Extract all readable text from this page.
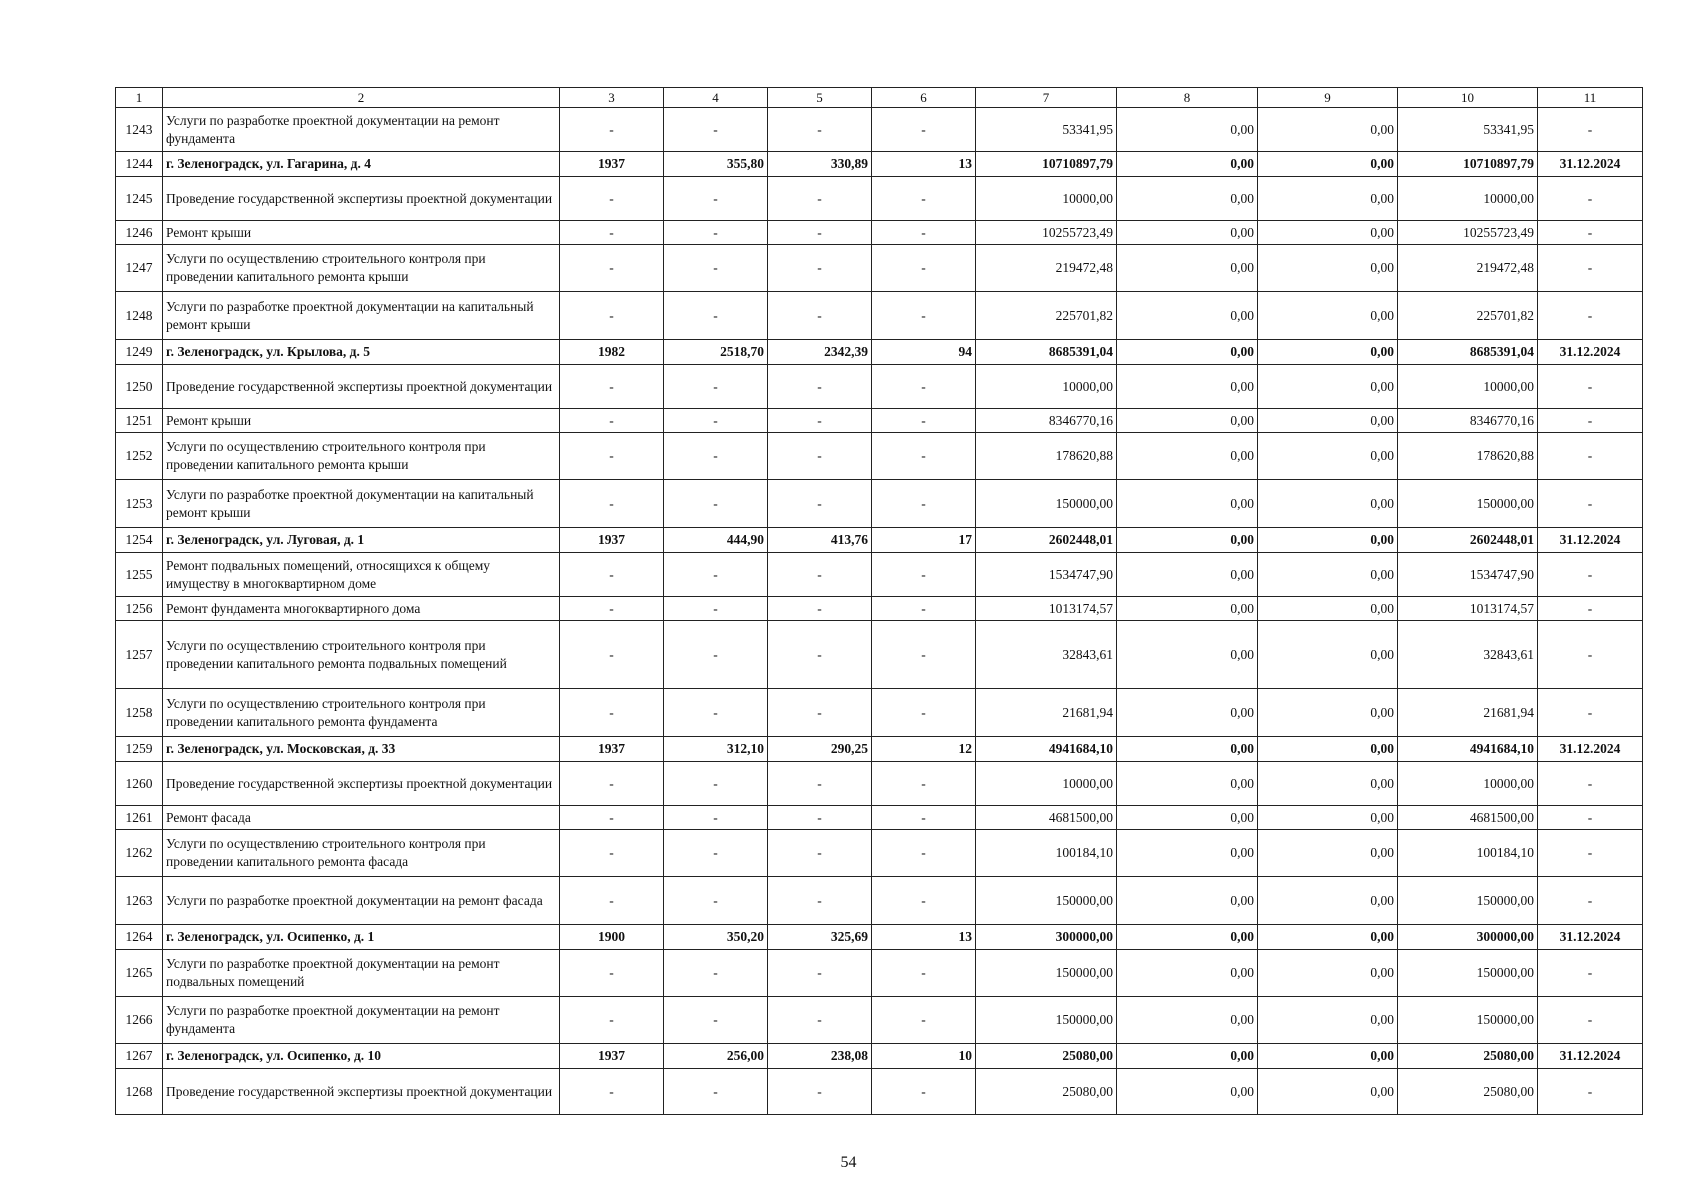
1	2	3	4	5	6	7	8	9	10	11
1243	Услуги по разработке проектной документации на ремонт фундамента	-	-	-	-	53341,95	0,00	0,00	53341,95	-
1244	г. Зеленоградск, ул. Гагарина, д. 4	1937	355,80	330,89	13	10710897,79	0,00	0,00	10710897,79	31.12.2024
1245	Проведение государственной экспертизы проектной документации	-	-	-	-	10000,00	0,00	0,00	10000,00	-
1246	Ремонт крыши	-	-	-	-	10255723,49	0,00	0,00	10255723,49	-
1247	Услуги по осуществлению строительного контроля при проведении капитального ремонта крыши	-	-	-	-	219472,48	0,00	0,00	219472,48	-
1248	Услуги по разработке проектной документации на капитальный ремонт крыши	-	-	-	-	225701,82	0,00	0,00	225701,82	-
1249	г. Зеленоградск, ул. Крылова, д. 5	1982	2518,70	2342,39	94	8685391,04	0,00	0,00	8685391,04	31.12.2024
1250	Проведение государственной экспертизы проектной документации	-	-	-	-	10000,00	0,00	0,00	10000,00	-
1251	Ремонт крыши	-	-	-	-	8346770,16	0,00	0,00	8346770,16	-
1252	Услуги по осуществлению строительного контроля при проведении капитального ремонта крыши	-	-	-	-	178620,88	0,00	0,00	178620,88	-
1253	Услуги по разработке проектной документации на капитальный ремонт крыши	-	-	-	-	150000,00	0,00	0,00	150000,00	-
1254	г. Зеленоградск, ул. Луговая, д. 1	1937	444,90	413,76	17	2602448,01	0,00	0,00	2602448,01	31.12.2024
1255	Ремонт подвальных помещений, относящихся к общему имуществу в многоквартирном доме	-	-	-	-	1534747,90	0,00	0,00	1534747,90	-
1256	Ремонт фундамента многоквартирного дома	-	-	-	-	1013174,57	0,00	0,00	1013174,57	-
1257	Услуги по осуществлению строительного контроля при проведении капитального ремонта подвальных помещений	-	-	-	-	32843,61	0,00	0,00	32843,61	-
1258	Услуги по осуществлению строительного контроля при проведении капитального ремонта фундамента	-	-	-	-	21681,94	0,00	0,00	21681,94	-
1259	г. Зеленоградск, ул. Московская, д. 33	1937	312,10	290,25	12	4941684,10	0,00	0,00	4941684,10	31.12.2024
1260	Проведение государственной экспертизы проектной документации	-	-	-	-	10000,00	0,00	0,00	10000,00	-
1261	Ремонт фасада	-	-	-	-	4681500,00	0,00	0,00	4681500,00	-
1262	Услуги по осуществлению строительного контроля при проведении капитального ремонта фасада	-	-	-	-	100184,10	0,00	0,00	100184,10	-
1263	Услуги по разработке проектной документации на ремонт фасада	-	-	-	-	150000,00	0,00	0,00	150000,00	-
1264	г. Зеленоградск, ул. Осипенко, д. 1	1900	350,20	325,69	13	300000,00	0,00	0,00	300000,00	31.12.2024
1265	Услуги по разработке проектной документации на ремонт подвальных помещений	-	-	-	-	150000,00	0,00	0,00	150000,00	-
1266	Услуги по разработке проектной документации на ремонт фундамента	-	-	-	-	150000,00	0,00	0,00	150000,00	-
1267	г. Зеленоградск, ул. Осипенко, д. 10	1937	256,00	238,08	10	25080,00	0,00	0,00	25080,00	31.12.2024
1268	Проведение государственной экспертизы проектной документации	-	-	-	-	25080,00	0,00	0,00	25080,00	-
54
